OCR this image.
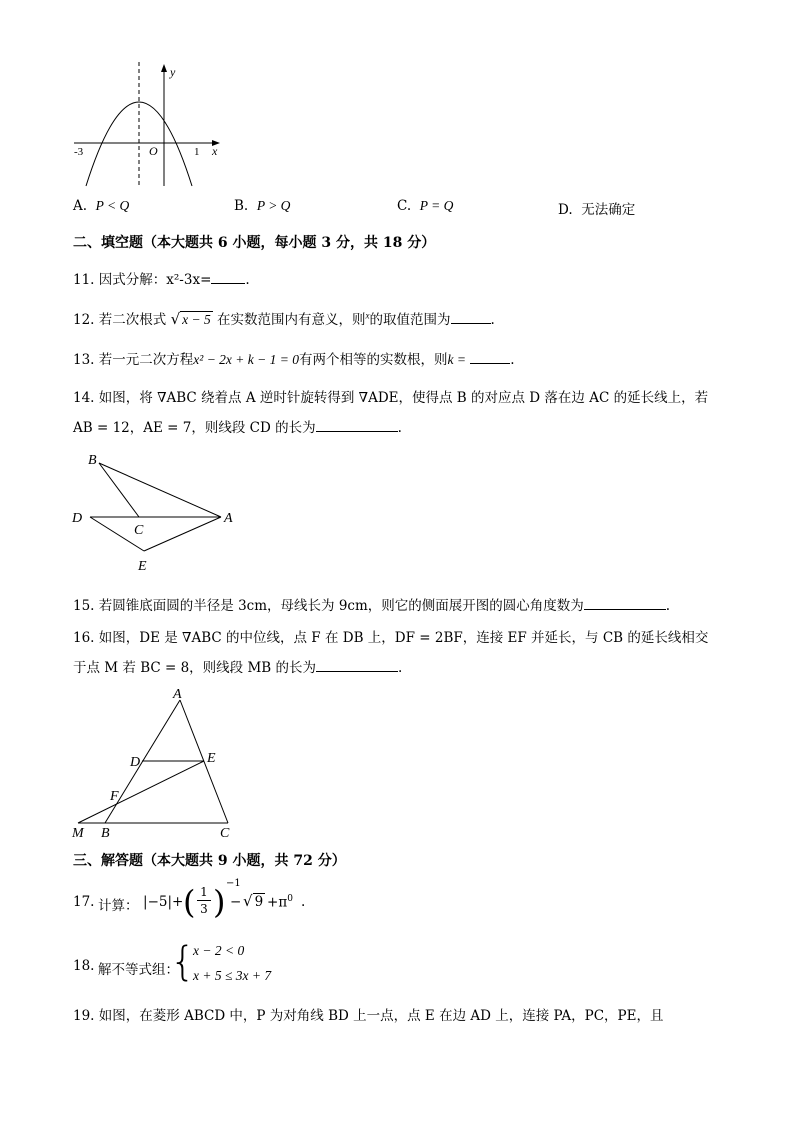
y
x
O
-3	1
A. P < Q	B. P > Q	C. P = Q	D. 无法确定
二、填空题（本大题共 6 小题，每小题 3 分，共 18 分）
11. 因式分解：x²-3x=	.
12. 若二次根式 √ x − 5 在实数范围内有意义，则$^x$的取值范围为	.
13. 若一元二次方程x² − 2x + k − 1 = 0有两个相等的实数根，则k =	.
14. 如图，将 ∇ABC 绕着点 A 逆时针旋转得到 ∇ADE，使得点 B 的对应点 D 落在边 AC 的延长线上，若
AB = 12，AE = 7，则线段 CD 的长为	.
B
D
C
A
E
15. 若圆锥底面圆的半径是 3cm，母线长为 9cm，则它的侧面展开图的圆心角度数为	.
16. 如图，DE 是 ∇ABC 的中位线，点 F 在 DB 上，DF = 2BF，连接 EF 并延长，与 CB 的延长线相交
于点 M 若 BC = 8，则线段 MB 的长为	.
A
D	E
F
M B	C
三、解答题（本大题共 9 小题，共 72 分）
17. 计算： |−5|+ ( $\frac{1}{3}$ ) −1
− √ $9 +\pi^0$ .
18. 解不等式组：
{
x − 2 < 0
x + 5 ≤ 3x + 7
19. 如图，在菱形 ABCD 中，P 为对角线 BD 上一点，点 E 在边 AD 上，连接 PA，PC，PE，且
